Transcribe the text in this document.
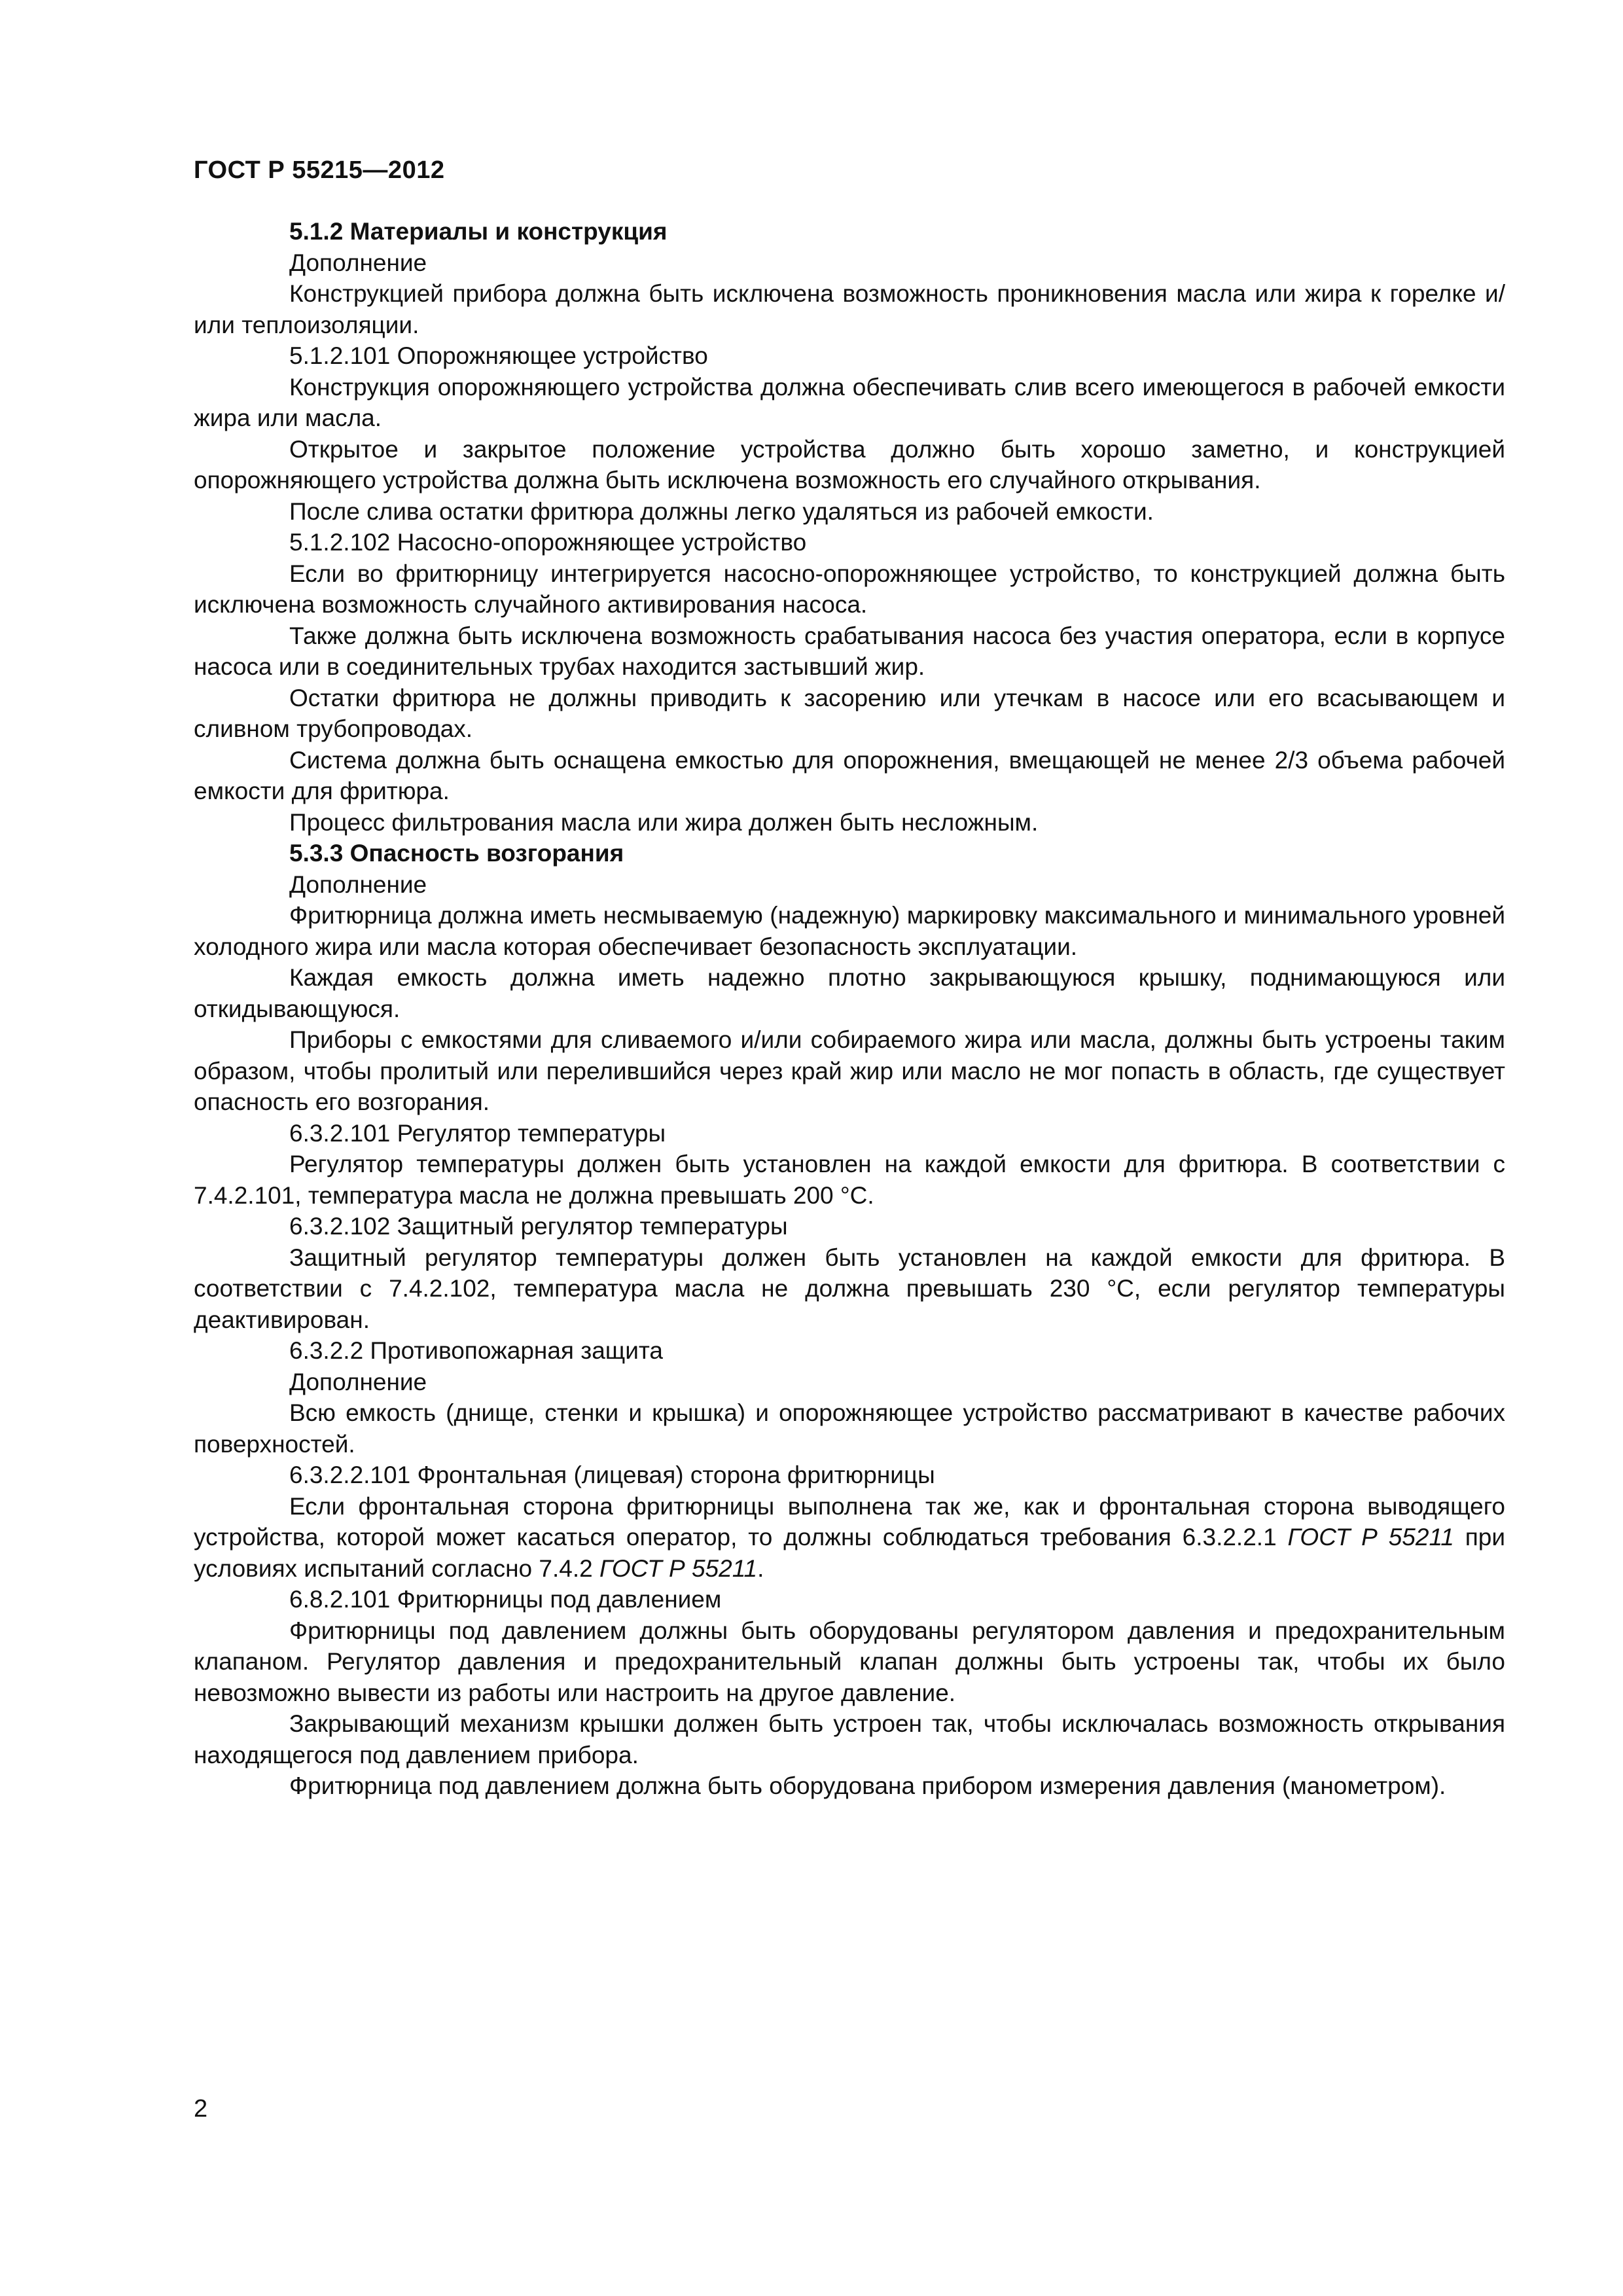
ГОСТ Р 55215—2012

5.1.2 Материалы и конструкция

Дополнение

Конструкцией прибора должна быть исключена возможность проникновения масла или жира к горелке и/или теплоизоляции.

5.1.2.101 Опорожняющее устройство

Конструкция опорожняющего устройства должна обеспечивать слив всего имеющегося в рабочей емкости жира или масла.

Открытое и закрытое положение устройства должно быть хорошо заметно, и конструкцией опорожняющего устройства должна быть исключена возможность его случайного открывания.

После слива остатки фритюра должны легко удаляться из рабочей емкости.

5.1.2.102 Насосно-опорожняющее устройство

Если во фритюрницу интегрируется насосно-опорожняющее устройство, то конструкцией должна быть исключена возможность случайного активирования насоса.

Также должна быть исключена возможность срабатывания насоса без участия оператора, если в корпусе насоса или в соединительных трубах находится застывший жир.

Остатки фритюра не должны приводить к засорению или утечкам в насосе или его всасывающем и сливном трубопроводах.

Система должна быть оснащена емкостью для опорожнения, вмещающей не менее 2/3 объема рабочей емкости для фритюра.

Процесс фильтрования масла или жира должен быть несложным.

5.3.3 Опасность возгорания

Дополнение

Фритюрница должна иметь несмываемую (надежную) маркировку максимального и минимального уровней холодного жира или масла которая обеспечивает безопасность эксплуатации.

Каждая емкость должна иметь надежно плотно закрывающуюся крышку, поднимающуюся или откидывающуюся.

Приборы с емкостями для сливаемого и/или собираемого жира или масла, должны быть устроены таким образом, чтобы пролитый или перелившийся через край жир или масло не мог попасть в область, где существует опасность его возгорания.

6.3.2.101 Регулятор температуры

Регулятор температуры должен быть установлен на каждой емкости для фритюра. В соответствии с 7.4.2.101, температура масла не должна превышать 200 °С.

6.3.2.102 Защитный регулятор температуры

Защитный регулятор температуры должен быть установлен на каждой емкости для фритюра. В соответствии с 7.4.2.102, температура масла не должна превышать 230 °С, если регулятор температуры деактивирован.

6.3.2.2 Противопожарная защита

Дополнение

Всю емкость (днище, стенки и крышка) и опорожняющее устройство рассматривают в качестве рабочих поверхностей.

6.3.2.2.101 Фронтальная (лицевая) сторона фритюрницы

Если фронтальная сторона фритюрницы выполнена так же, как и фронтальная сторона выводящего устройства, которой может касаться оператор, то должны соблюдаться требования 6.3.2.2.1 ГОСТ Р 55211 при условиях испытаний согласно 7.4.2 ГОСТ Р 55211.

6.8.2.101 Фритюрницы под давлением

Фритюрницы под давлением должны быть оборудованы регулятором давления и предохранительным клапаном. Регулятор давления и предохранительный клапан должны быть устроены так, чтобы их было невозможно вывести из работы или настроить на другое давление.

Закрывающий механизм крышки должен быть устроен так, чтобы исключалась возможность открывания находящегося под давлением прибора.

Фритюрница под давлением должна быть оборудована прибором измерения давления (манометром).

2
